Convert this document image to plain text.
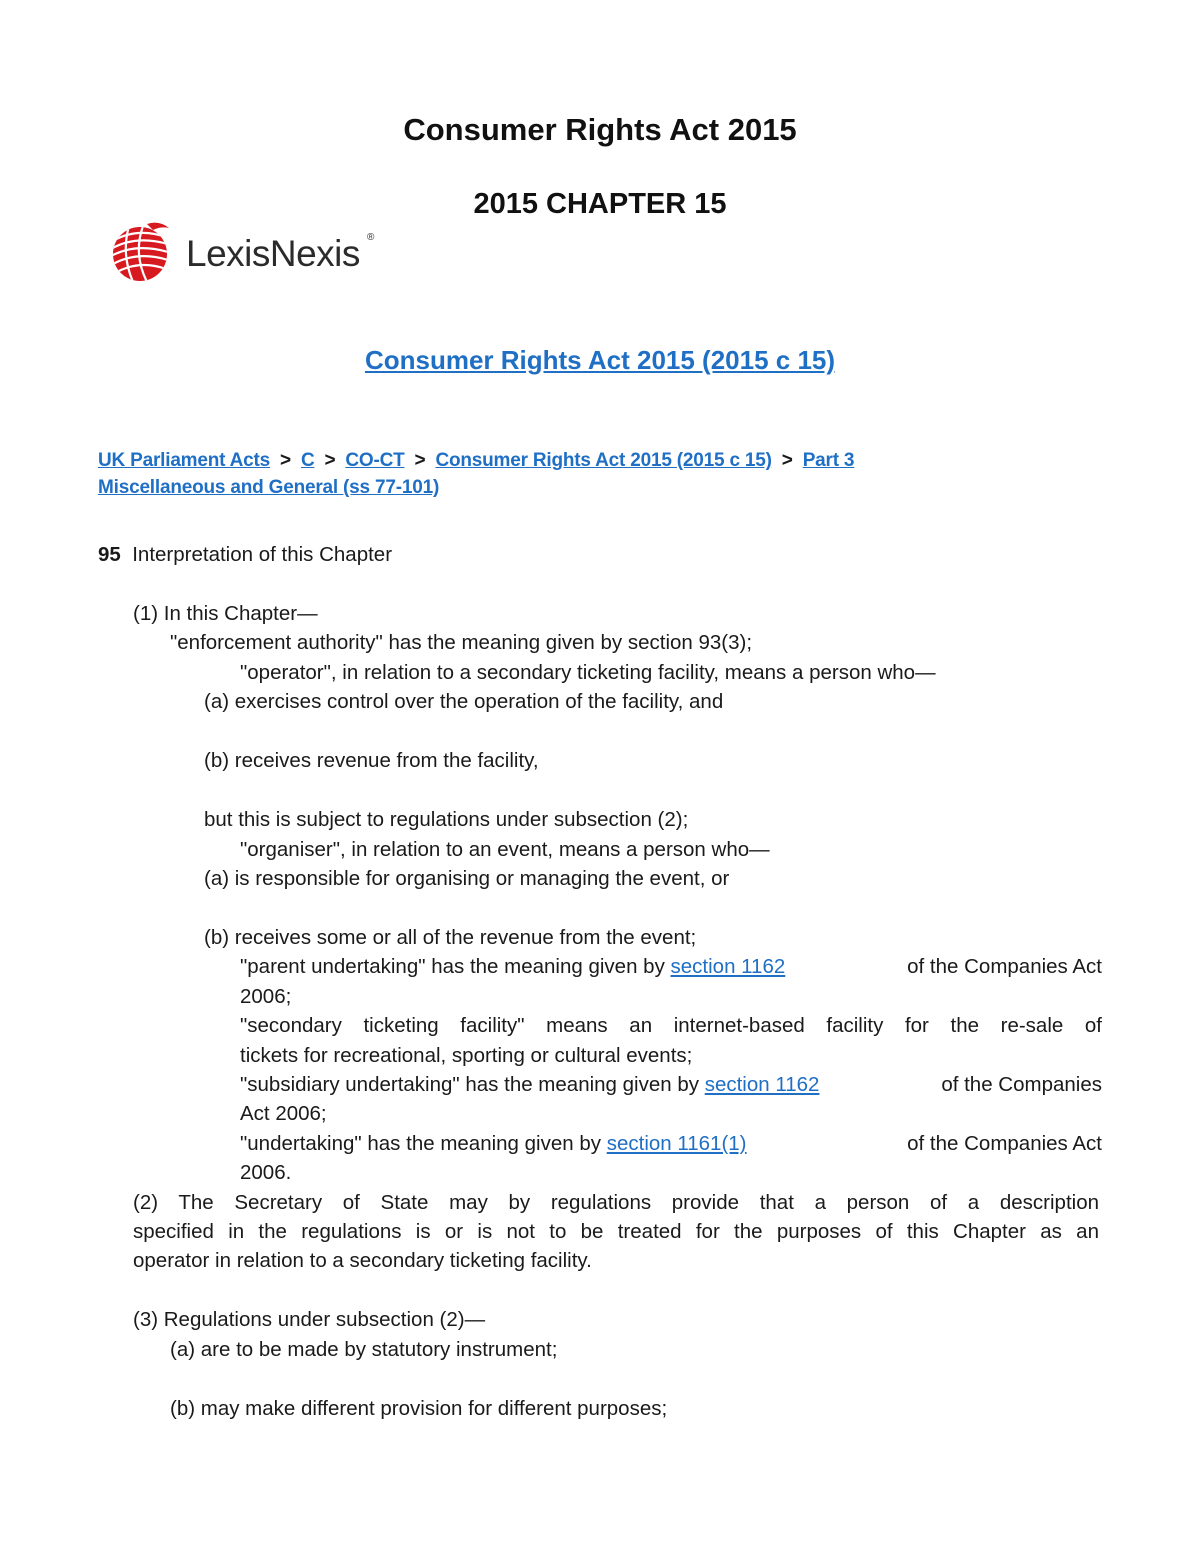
Consumer Rights Act 2015
2015 CHAPTER 15
LexisNexis ®
Consumer Rights Act 2015 (2015 c 15)
UK Parliament Acts > C > CO-CT > Consumer Rights Act 2015 (2015 c 15) > Part 3
Miscellaneous and General (ss 77-101)
95 Interpretation of this Chapter
(1) In this Chapter—
"enforcement authority" has the meaning given by section 93(3);
"operator", in relation to a secondary ticketing facility, means a person who—
(a) exercises control over the operation of the facility, and
(b) receives revenue from the facility,
but this is subject to regulations under subsection (2);
"organiser", in relation to an event, means a person who—
(a) is responsible for organising or managing the event, or
(b) receives some or all of the revenue from the event;
"parent undertaking" has the meaning given by section 1162	of the Companies Act
2006;
"secondary ticketing facility" means an internet-based facility for the re-sale of
tickets for recreational, sporting or cultural events;
"subsidiary undertaking" has the meaning given by section 1162	of the Companies
Act 2006;
"undertaking" has the meaning given by section 1161(1)	of the Companies Act
2006.
(2) The Secretary of State may by regulations provide that a person of a description
specified in the regulations is or is not to be treated for the purposes of this Chapter as an
operator in relation to a secondary ticketing facility.
(3) Regulations under subsection (2)—
(a) are to be made by statutory instrument;
(b) may make different provision for different purposes;
